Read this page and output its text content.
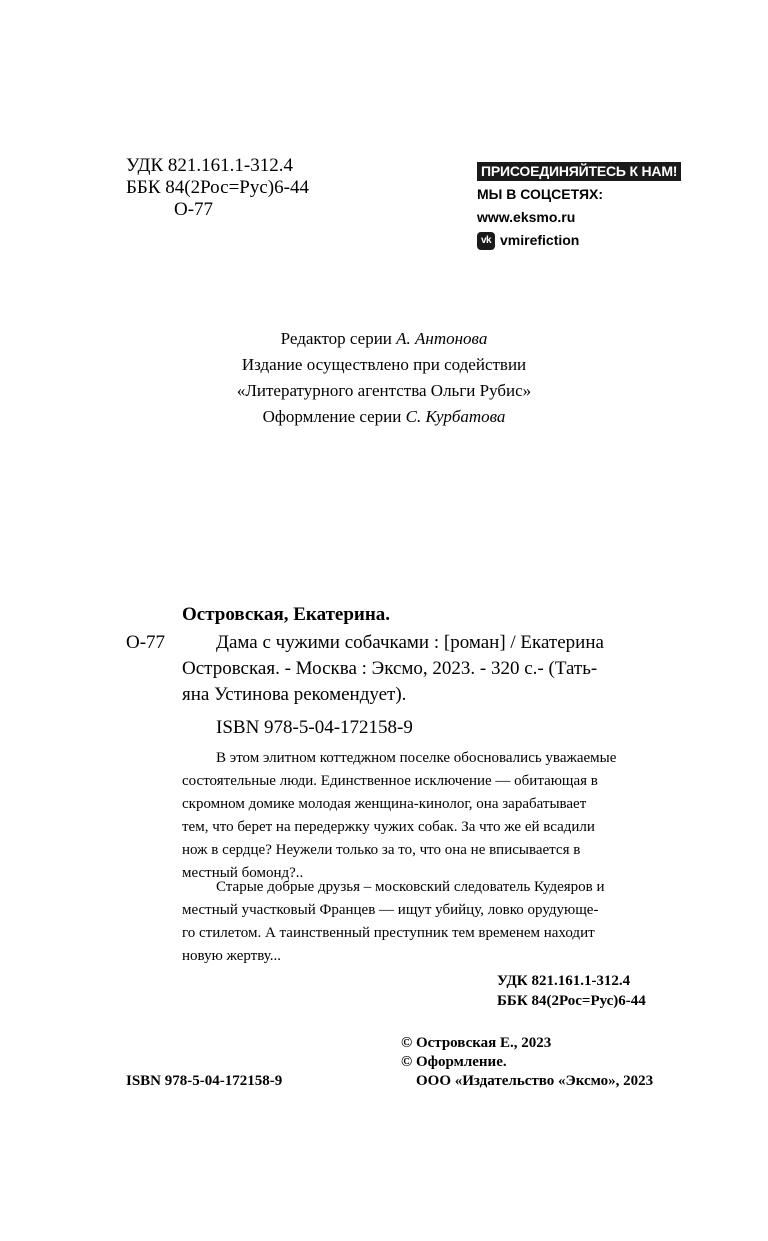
УДК 821.161.1-312.4
ББК 84(2Рос=Рус)6-44
О-77
ПРИСОЕДИНЯЙТЕСЬ К НАМ!
МЫ В СОЦСЕТЯХ:
www.eksmo.ru
vk vmirefiction
Редактор серии А. Антонова
Издание осуществлено при содействии
«Литературного агентства Ольги Рубис»
Оформление серии С. Курбатова
Островская, Екатерина.
О-77	Дама с чужими собачками : [роман] / Екатерина
Островская. - Москва : Эксмо, 2023. - 320 с.- (Тать-
яна Устинова рекомендует).
ISBN 978-5-04-172158-9
В этом элитном коттеджном поселке обосновались уважаемые
состоятельные люди. Единственное исключение — обитающая в
скромном домике молодая женщина-кинолог, она зарабатывает
тем, что берет на передержку чужих собак. За что же ей всадили
нож в сердце? Неужели только за то, что она не вписывается в
местный бомонд?..
Старые добрые друзья – московский следователь Кудеяров и
местный участковый Францев — ищут убийцу, ловко орудующе-
го стилетом. А таинственный преступник тем временем находит
новую жертву...
УДК 821.161.1-312.4
ББК 84(2Рос=Рус)6-44
© Островская Е., 2023
© Оформление.
ООО «Издательство «Эксмо», 2023
ISBN 978-5-04-172158-9
